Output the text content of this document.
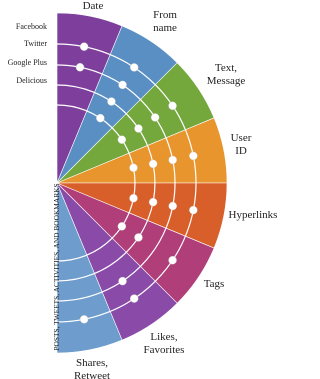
Date
From name
Text, Message
User ID
Hyperlinks
Tags
Likes, Favorites
Shares, Retweet
Facebook
Twitter
Google Plus
Delicious
POSTS, TWEETS, ACTIVITIES, AND BOOKMARKS
